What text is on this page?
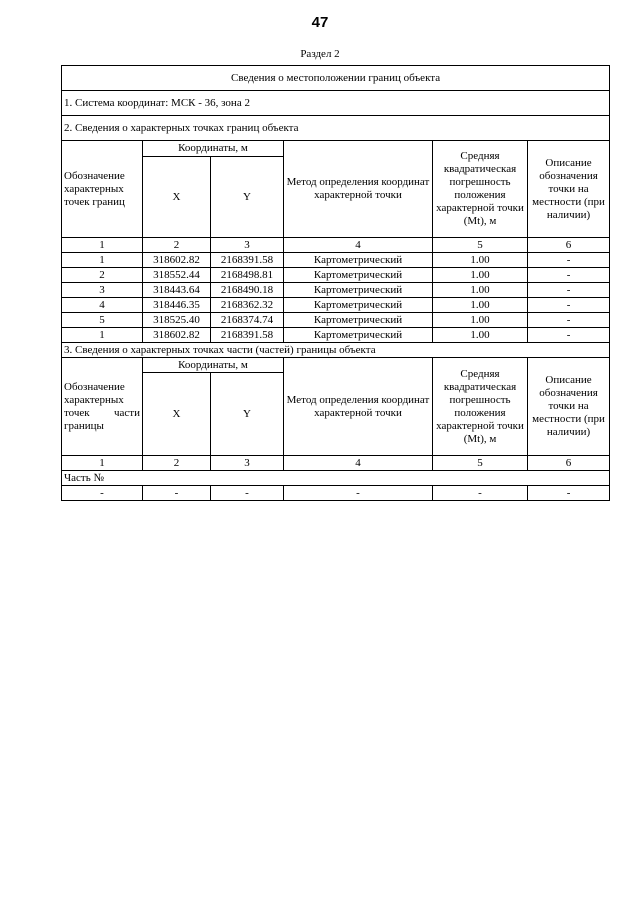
47
Раздел 2
Сведения о местоположении границ объекта					
1. Система координат: МСК - 36, зона 2					
2. Сведения о характерных точках границ объекта					
Обозначение характерных точек границ	Координаты, м		Метод определения координат характерной точки	Средняя квадратическая погрешность положения характерной точки (Mt), м	Описание обозначения точки на местности (при наличии)
	X	Y			
1	2	3	4	5	6
1	318602.82	2168391.58	Картометрический	1.00	-
2	318552.44	2168498.81	Картометрический	1.00	-
3	318443.64	2168490.18	Картометрический	1.00	-
4	318446.35	2168362.32	Картометрический	1.00	-
5	318525.40	2168374.74	Картометрический	1.00	-
1	318602.82	2168391.58	Картометрический	1.00	-
3. Сведения о характерных точках части (частей) границы объекта					
Обозначение характерных точек части границы	Координаты, м		Метод определения координат характерной точки	Средняя квадратическая погрешность положения характерной точки (Mt), м	Описание обозначения точки на местности (при наличии)
	X	Y			
1	2	3	4	5	6
Часть №					
-	-	-	-	-	-
